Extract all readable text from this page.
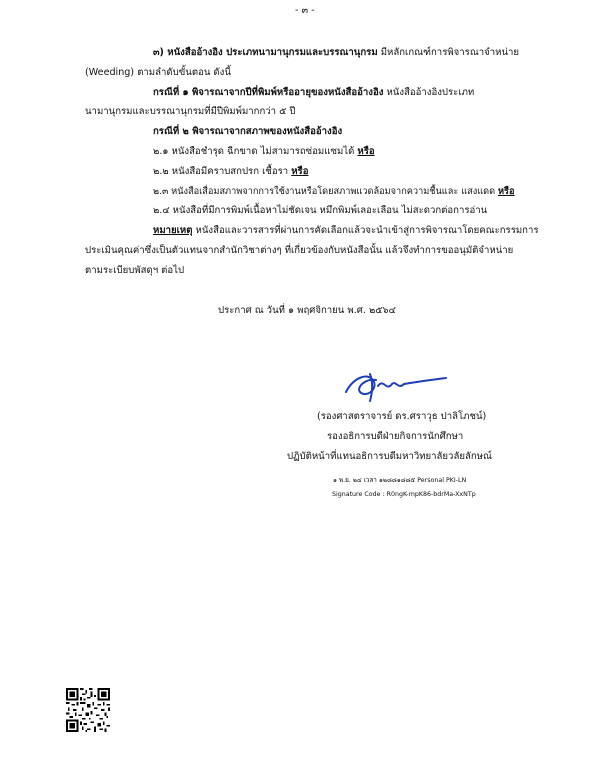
- ๓ -
๓) หนังสืออ้างอิง ประเภทนามานุกรมและบรรณานุกรม มีหลักเกณฑ์การพิจารณาจำหน่าย
(Weeding) ตามลำดับขั้นตอน ดังนี้
กรณีที่ ๑ พิจารณาจากปีที่พิมพ์หรืออายุของหนังสืออ้างอิง หนังสืออ้างอิงประเภท
นามานุกรมและบรรณานุกรมที่มีปีพิมพ์มากกว่า ๕ ปี
กรณีที่ ๒ พิจารณาจากสภาพของหนังสืออ้างอิง
๒.๑ หนังสือชำรุด ฉีกขาด ไม่สามารถซ่อมแซมได้ หรือ
๒.๒ หนังสือมีคราบสกปรก เชื้อรา หรือ
๒.๓ หนังสือเสื่อมสภาพจากการใช้งานหรือโดยสภาพแวดล้อมจากความชื้นและ แสงแดด หรือ
๒.๔ หนังสือที่มีการพิมพ์เนื้อหาไม่ชัดเจน หมึกพิมพ์เลอะเลือน ไม่สะดวกต่อการอ่าน
หมายเหตุ หนังสือและวารสารที่ผ่านการคัดเลือกแล้วจะนำเข้าสู่การพิจารณาโดยคณะกรรมการ
ประเมินคุณค่าซึ่งเป็นตัวแทนจากสำนักวิชาต่างๆ ที่เกี่ยวข้องกับหนังสือนั้น แล้วจึงทำการขออนุมัติจำหน่าย
ตามระเบียบพัสดุฯ ต่อไป
ประกาศ ณ วันที่ ๑ พฤศจิกายน พ.ศ. ๒๕๖๔
(รองศาสตราจารย์ ดร.ศราวุธ ปาลิโภชน์)
รองอธิการบดีฝ่ายกิจการนักศึกษา
ปฏิบัติหน้าที่แทนอธิการบดีมหาวิทยาลัยวลัยลักษณ์
๑ พ.ย. ๒๔ เวลา ๑๒๘๘๑๘๘๕ Personal PKI-LN
Signature Code : R0ngK-mpK86-bdrMa-XxNTp
